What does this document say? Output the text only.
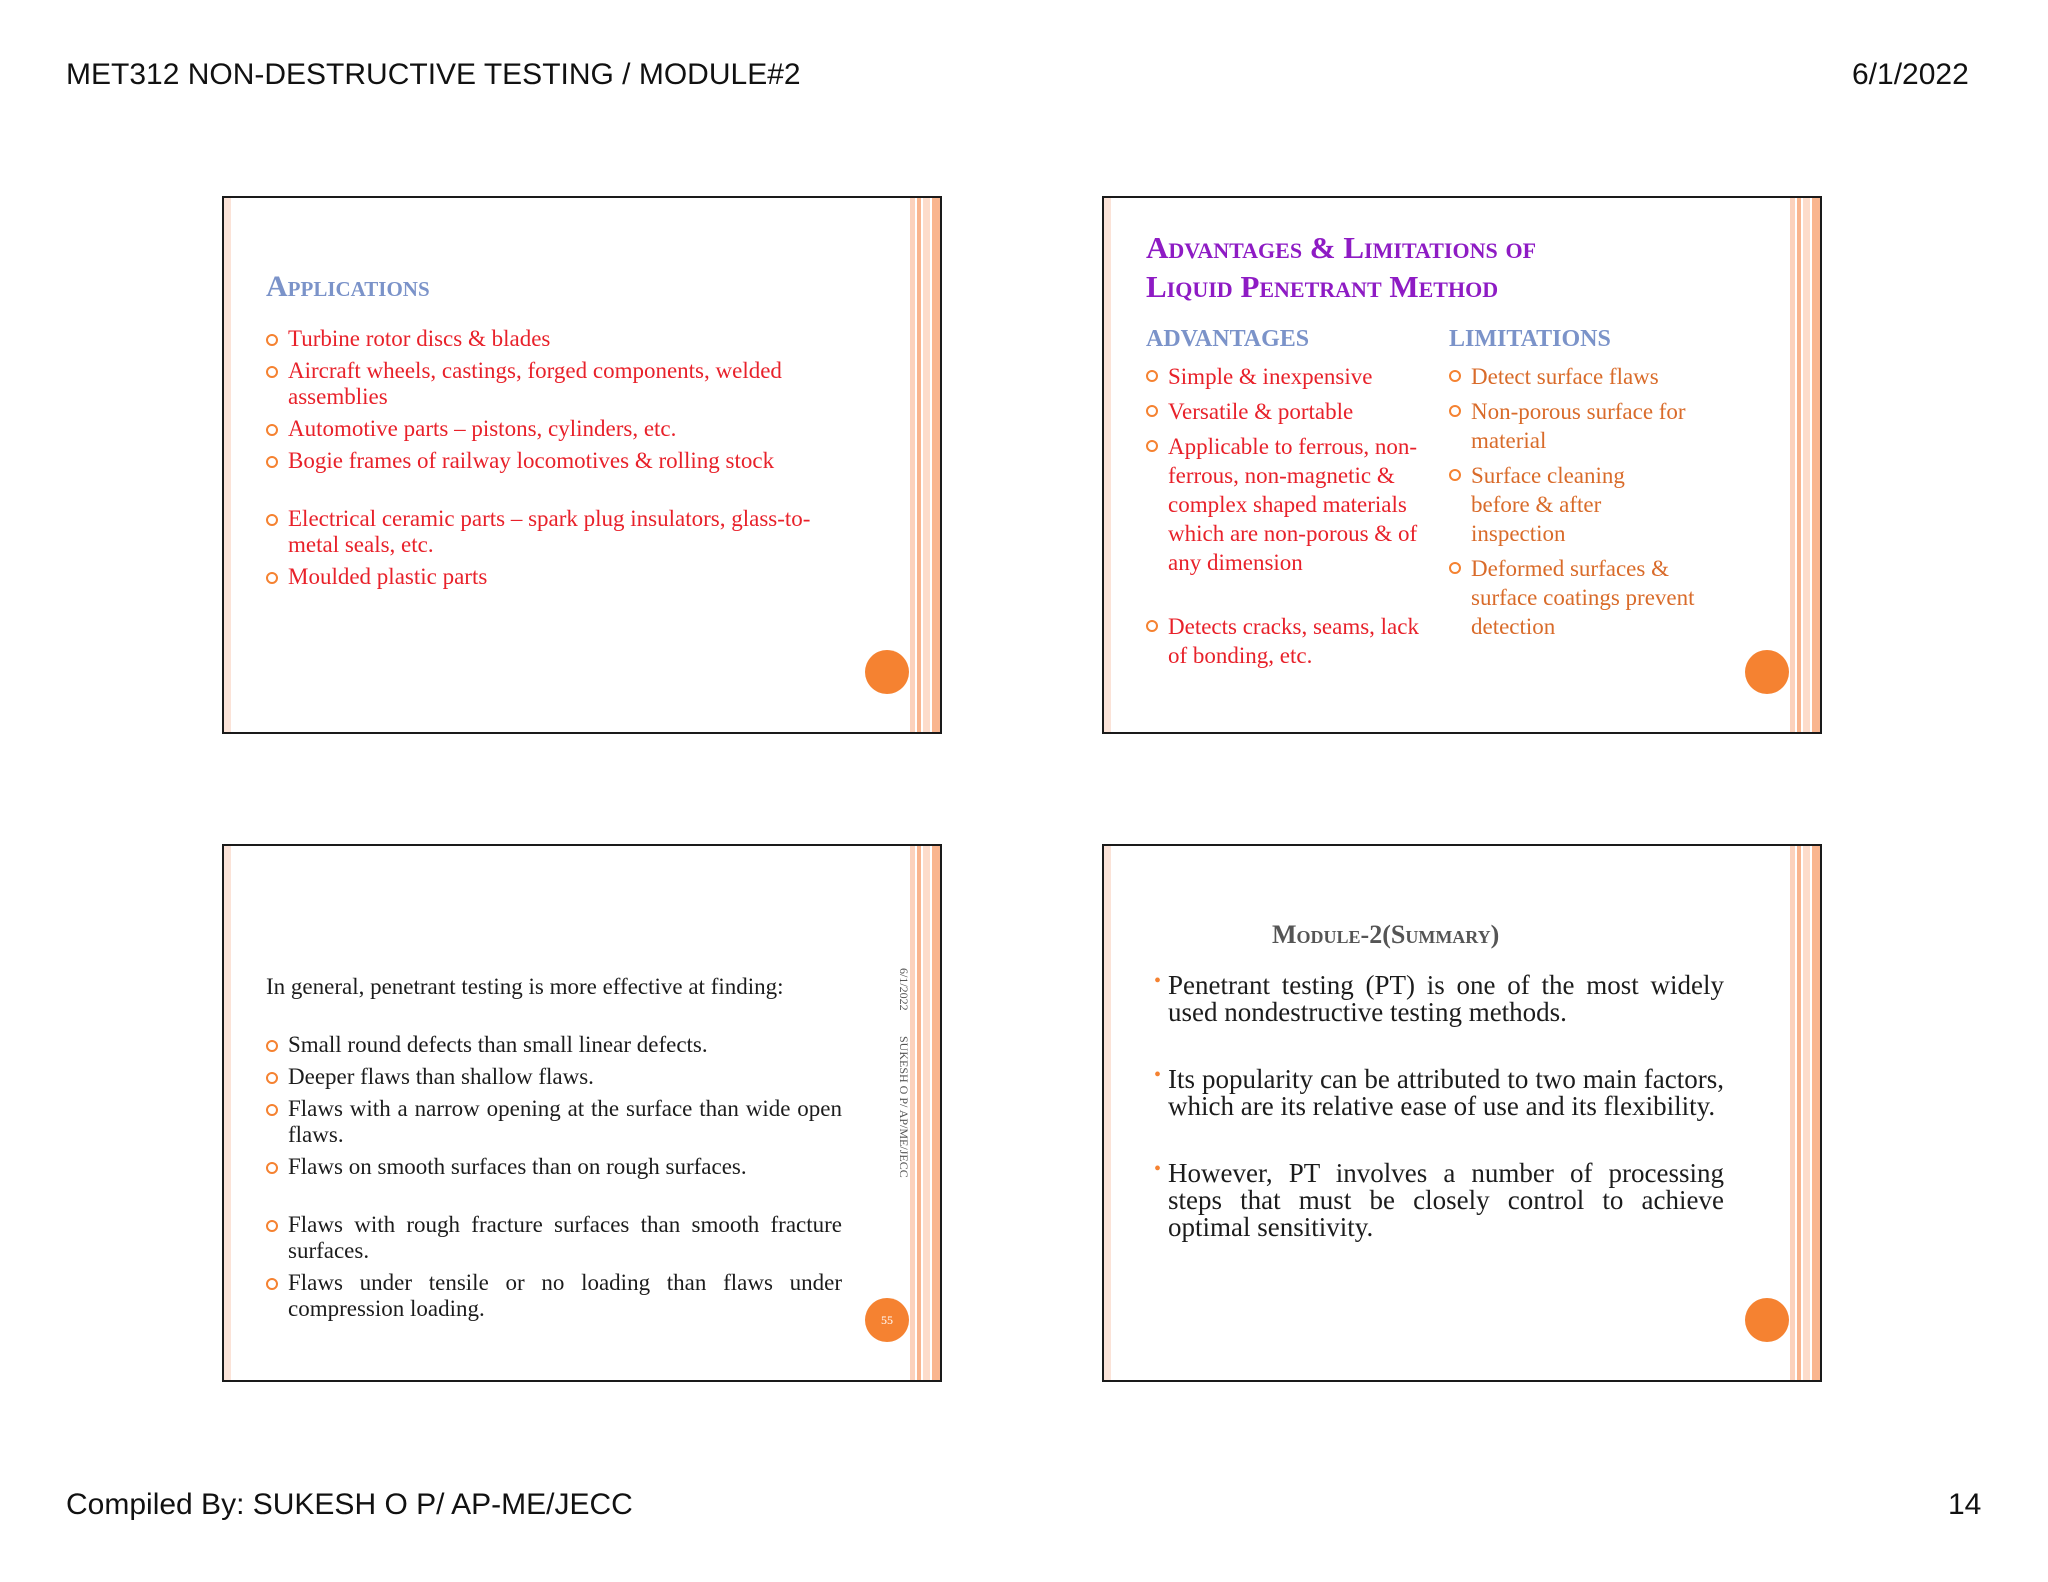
MET312 NON-DESTRUCTIVE TESTING / MODULE#2	6/1/2022
Applications
Turbine rotor discs & blades
Aircraft wheels, castings, forged components, welded assemblies
Automotive parts – pistons, cylinders, etc.
Bogie frames of railway locomotives & rolling stock
Electrical ceramic parts – spark plug insulators, glass-to-metal seals, etc.
Moulded plastic parts
Advantages & Limitations of
Liquid Penetrant Method
ADVANTAGES	LIMITATIONS
Simple & inexpensive
Versatile & portable
Applicable to ferrous, non-ferrous, non-magnetic & complex shaped materials which are non-porous & of any dimension
Detects cracks, seams, lack of bonding, etc.
Detect surface flaws
Non-porous surface for material
Surface cleaning before & after inspection
Deformed surfaces & surface coatings prevent detection
In general, penetrant testing is more effective at finding:
Small round defects than small linear defects.
Deeper flaws than shallow flaws.
Flaws with a narrow opening at the surface than wide open flaws.
Flaws on smooth surfaces than on rough surfaces.
Flaws with rough fracture surfaces than smooth fracture surfaces.
Flaws under tensile or no loading than flaws under compression loading.
6/1/2022
SUKESH O P/ AP/ME/JECC
55
Module-2(Summary)
• Penetrant testing (PT) is one of the most widely used nondestructive testing methods.
• Its popularity can be attributed to two main factors, which are its relative ease of use and its flexibility.
• However, PT involves a number of processing steps that must be closely control to achieve optimal sensitivity.
Compiled By: SUKESH O P/ AP-ME/JECC	14
